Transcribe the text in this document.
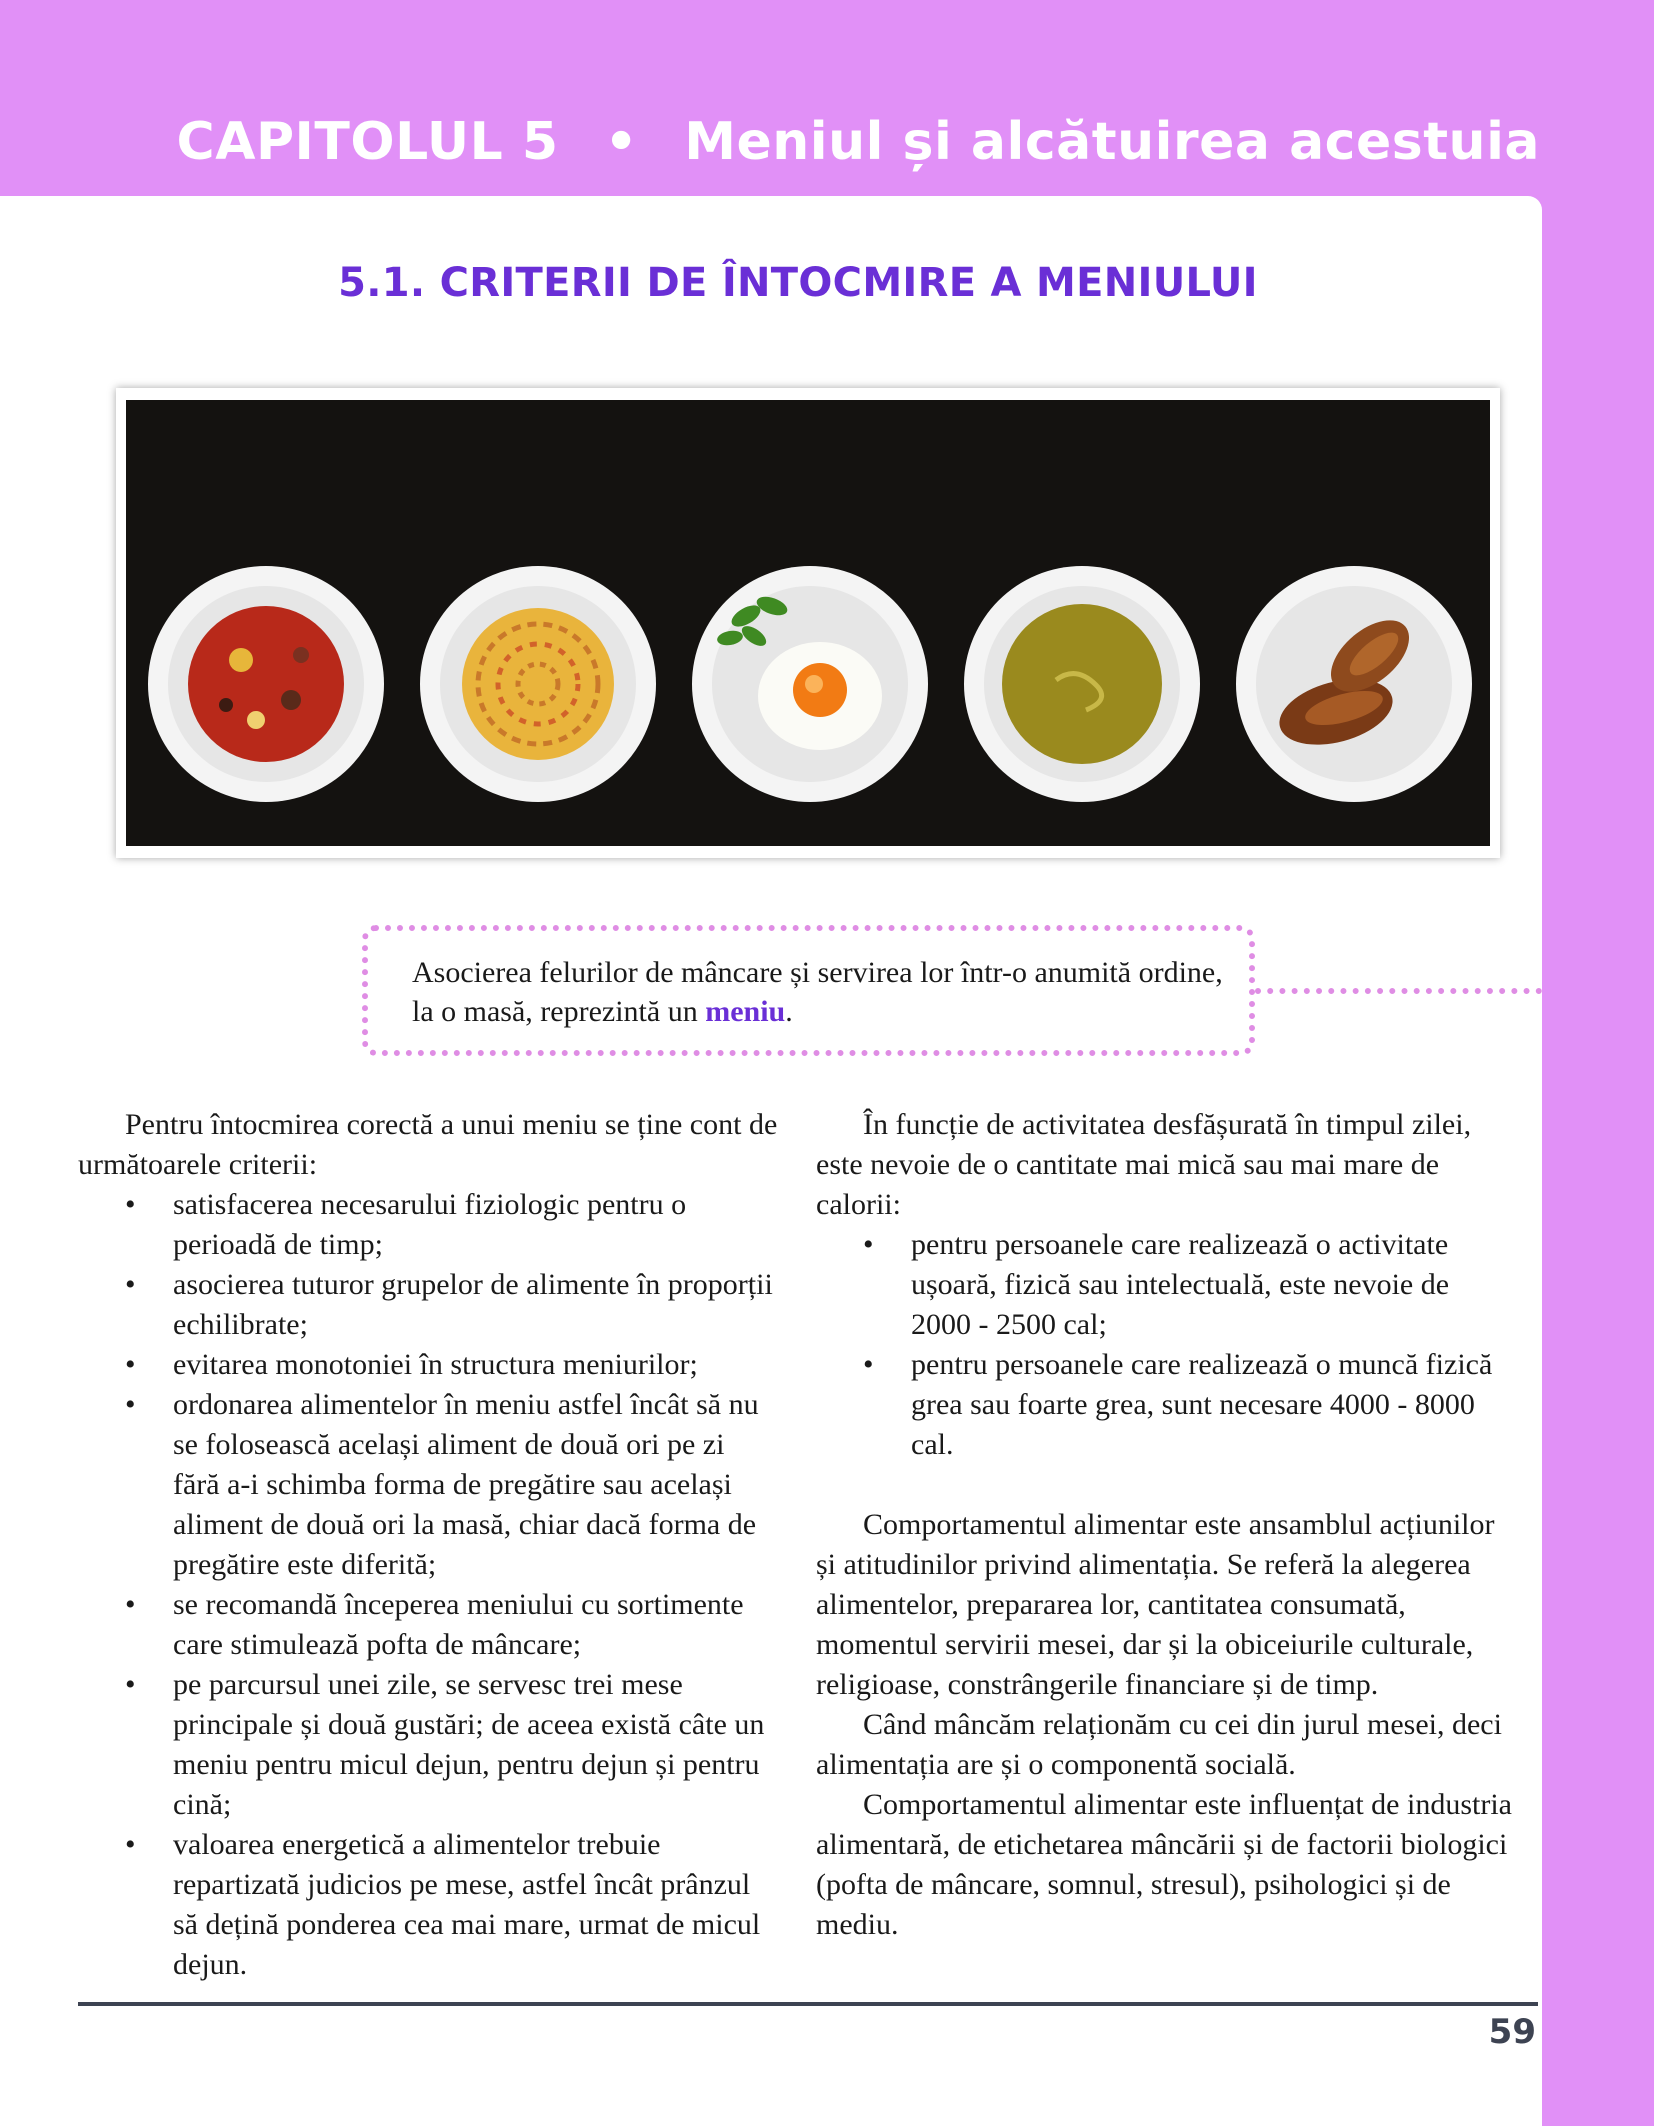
CAPITOLUL 5 • Meniul și alcătuirea acestuia
5.1. CRITERII DE ÎNTOCMIRE A MENIULUI
Asocierea felurilor de mâncare și servirea lor într-o anumită ordine, la o masă, reprezintă un meniu.

Pentru întocmirea corectă a unui meniu se ține cont de următoarele criterii:

• satisfacerea necesarului fiziologic pentru o perioadă de timp;
• asocierea tuturor grupelor de alimente în proporții echilibrate;
• evitarea monotoniei în structura meniurilor;
• ordonarea alimentelor în meniu astfel încât să nu se folosească același aliment de două ori pe zi fără a-i schimba forma de pregătire sau același aliment de două ori la masă, chiar dacă forma de pregătire este diferită;
• se recomandă încеperea meniului cu sortimente care stimulează pofta de mâncare;
• pe parcursul unei zile, se servesc trei mese principale și două gustări; de aceea există câte un meniu pentru micul dejun, pentru dejun și pentru cină;
• valoarea energetică a alimentelor trebuie repartizată judicios pe mese, astfel încât prânzul să dețină ponderea cea mai mare, urmat de micul dejun.

În funcție de activitatea desfășurată în timpul zilei, este nevoie de o cantitate mai mică sau mai mare de calorii:

• pentru persoanele care realizează o activitate ușoară, fizică sau intelectuală, este nevoie de 2000 - 2500 cal;
• pentru persoanele care realizează o muncă fizică grea sau foarte grea, sunt necesare 4000 - 8000 cal.

Comportamentul alimentar este ansamblul acțiunilor și atitudinilor privind alimentația. Se referă la alegerea alimentelor, prepararea lor, cantitatea consumată, momentul servirii mesei, dar și la obiceiurile culturale, religioase, constrângerile financiare și de timp.

Când mâncăm relaționăm cu cei din jurul mesei, deci alimentația are și o componentă socială.

Comportamentul alimentar este influențat de industria alimentară, de etichetarea mâncării și de factorii biologici (pofta de mâncare, somnul, stresul), psihologici și de mediu.

59
